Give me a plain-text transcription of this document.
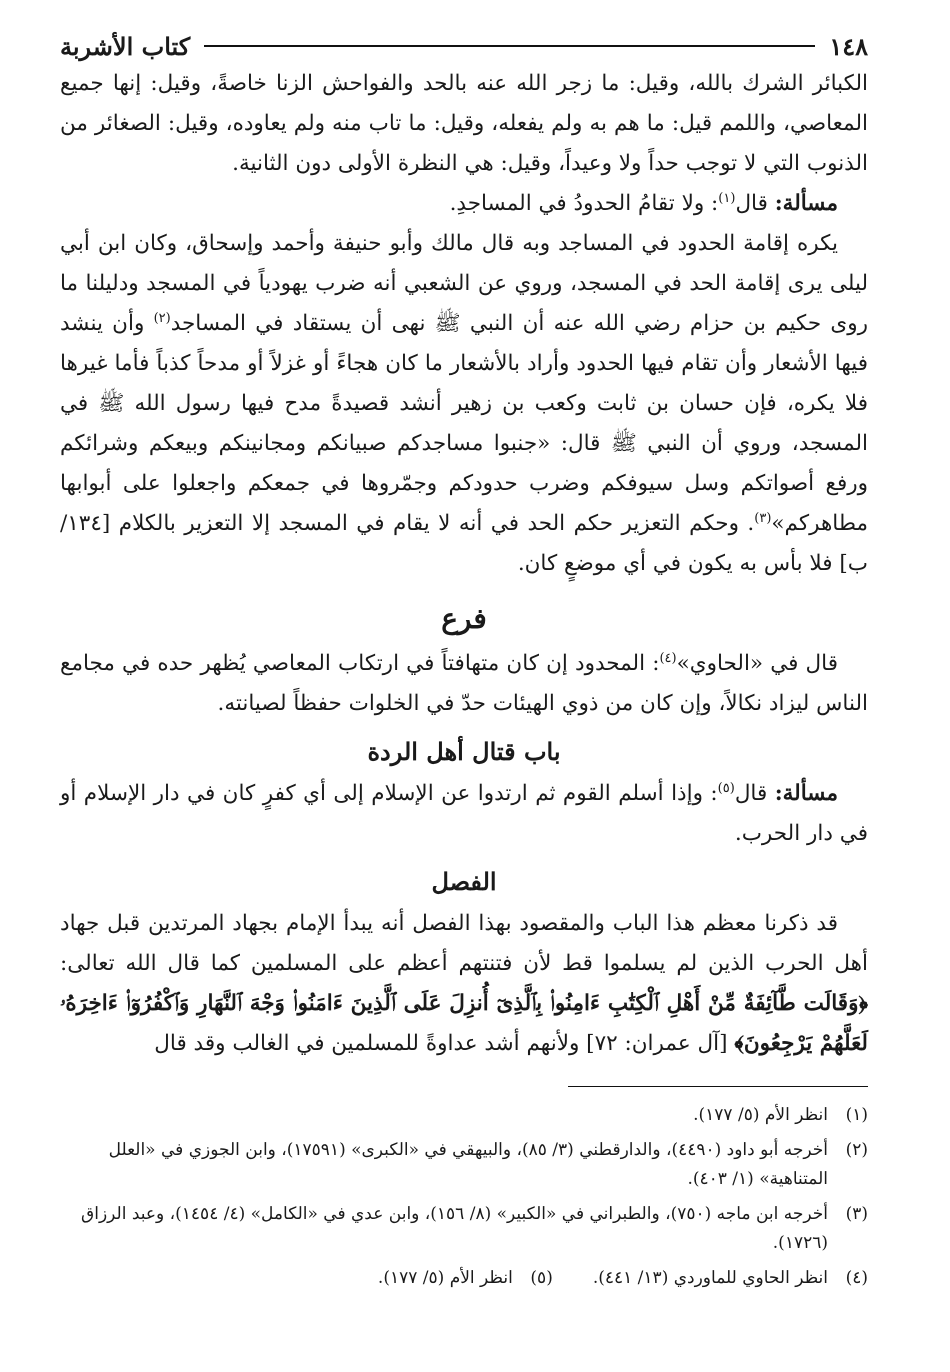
١٤٨
كتاب الأشربة

الكبائر الشرك بالله، وقيل: ما زجر الله عنه بالحد والفواحش الزنا خاصةً، وقيل: إنها جميع المعاصي، واللمم قيل: ما هم به ولم يفعله، وقيل: ما تاب منه ولم يعاوده، وقيل: الصغائر من الذنوب التي لا توجب حداً ولا وعيداً، وقيل: هي النظرة الأولى دون الثانية.

مسألة: قال$^{(١)}$: ولا تقامُ الحدودُ في المساجدِ.

يكره إقامة الحدود في المساجد وبه قال مالك وأبو حنيفة وأحمد وإسحاق، وكان ابن أبي ليلى يرى إقامة الحد في المسجد، وروي عن الشعبي أنه ضرب يهودياً في المسجد ودليلنا ما روى حكيم بن حزام رضي الله عنه أن النبي ﷺ نهى أن يستقاد في المساجد$^{(٢)}$ وأن ينشد فيها الأشعار وأن تقام فيها الحدود وأراد بالأشعار ما كان هجاءً أو غزلاً أو مدحاً كذباً فأما غيرها فلا يكره، فإن حسان بن ثابت وكعب بن زهير أنشد قصيدةً مدح فيها رسول الله ﷺ في المسجد، وروي أن النبي ﷺ قال: «جنبوا مساجدكم صبيانكم ومجانينكم وبيعكم وشرائكم ورفع أصواتكم وسل سيوفكم وضرب حدودكم وجمّروها في جمعكم واجعلوا على أبوابها مطاهركم»$^{(٣)}$. وحكم التعزير حكم الحد في أنه لا يقام في المسجد إلا التعزير بالكلام [١٣٤/ب] فلا بأس به يكون في أي موضعٍ كان.

فرع

قال في «الحاوي»$^{(٤)}$: المحدود إن كان متهافتاً في ارتكاب المعاصي يُظهر حده في مجامع الناس ليزاد نكالاً، وإن كان من ذوي الهيئات حدّ في الخلوات حفظاً لصيانته.

باب قتال أهل الردة

مسألة: قال$^{(٥)}$: وإذا أسلم القوم ثم ارتدوا عن الإسلام إلى أي كفرٍ كان في دار الإسلام أو في دار الحرب.

الفصل

قد ذكرنا معظم هذا الباب والمقصود بهذا الفصل أنه يبدأ الإمام بجهاد المرتدين قبل جهاد أهل الحرب الذين لم يسلموا قط لأن فتنتهم أعظم على المسلمين كما قال الله تعالى: ﴿وَقَالَت طَّآئِفَةٌ مِّنْ أَهْلِ ٱلْكِتَٰبِ ءَامِنُوا۟ بِٱلَّذِىٓ أُنزِلَ عَلَى ٱلَّذِينَ ءَامَنُوا۟ وَجْهَ ٱلنَّهَارِ وَٱكْفُرُوٓا۟ ءَاخِرَهُۥ لَعَلَّهُمْ يَرْجِعُونَ﴾ [آل عمران: ٧٢] ولأنهم أشد عداوةً للمسلمين في الغالب وقد قال

(١)
انظر الأم (٥/ ١٧٧).
(٢)
أخرجه أبو داود (٤٤٩٠)، والدارقطني (٣/ ٨٥)، والبيهقي في «الكبرى» (١٧٥٩١)، وابن الجوزي في «العلل المتناهية» (١/ ٤٠٣).
(٣)
أخرجه ابن ماجه (٧٥٠)، والطبراني في «الكبير» (٨/ ١٥٦)، وابن عدي في «الكامل» (٤/ ١٤٥٤)، وعبد الرزاق (١٧٢٦).
(٤)
انظر الحاوي للماوردي (١٣/ ٤٤١).
(٥)
انظر الأم (٥/ ١٧٧).
